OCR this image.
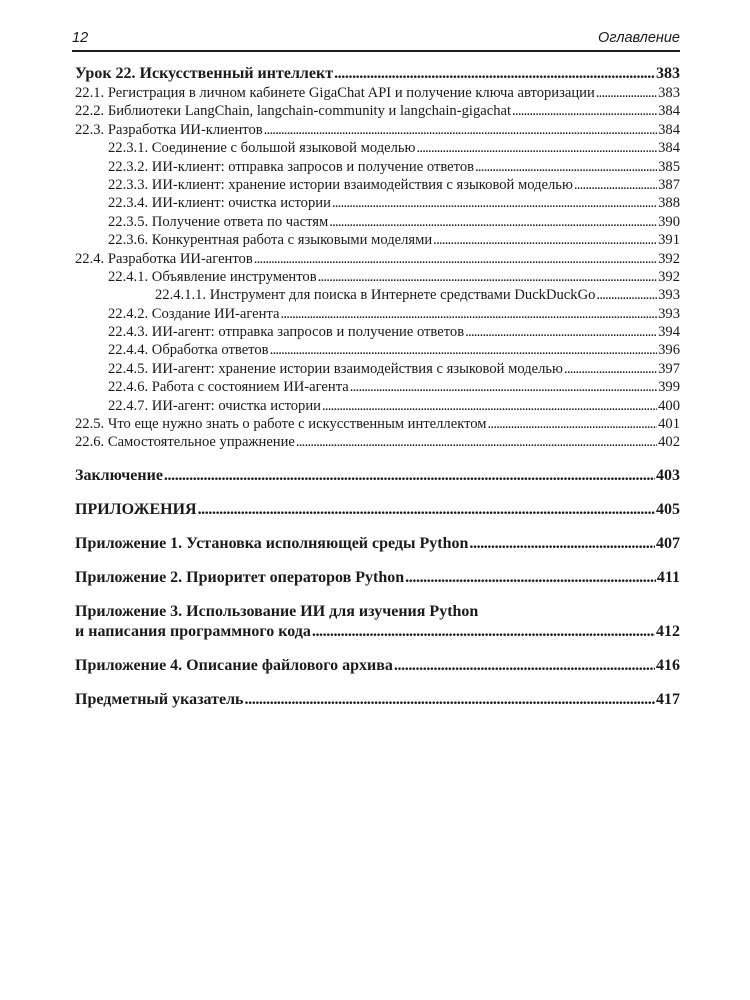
12	Оглавление
Урок 22. Искусственный интеллект . . .	383
22.1. Регистрация в личном кабинете GigaChat API и получение ключа авторизации . . .	383
22.2. Библиотеки LangChain, langchain-community и langchain-gigachat . . .	384
22.3. Разработка ИИ-клиентов . . .	384
22.3.1. Соединение с большой языковой моделью . . .	384
22.3.2. ИИ-клиент: отправка запросов и получение ответов . . .	385
22.3.3. ИИ-клиент: хранение истории взаимодействия с языковой моделью . . .	387
22.3.4. ИИ-клиент: очистка истории . . .	388
22.3.5. Получение ответа по частям . . .	390
22.3.6. Конкурентная работа с языковыми моделями . . .	391
22.4. Разработка ИИ-агентов . . .	392
22.4.1. Объявление инструментов . . .	392
22.4.1.1. Инструмент для поиска в Интернете средствами DuckDuckGo . . .	393
22.4.2. Создание ИИ-агента . . .	393
22.4.3. ИИ-агент: отправка запросов и получение ответов . . .	394
22.4.4. Обработка ответов . . .	396
22.4.5. ИИ-агент: хранение истории взаимодействия с языковой моделью . . .	397
22.4.6. Работа с состоянием ИИ-агента . . .	399
22.4.7. ИИ-агент: очистка истории . . .	400
22.5. Что еще нужно знать о работе с искусственным интеллектом . . .	401
22.6. Самостоятельное упражнение . . .	402
Заключение . . .	403
ПРИЛОЖЕНИЯ . . .	405
Приложение 1. Установка исполняющей среды Python . . .	407
Приложение 2. Приоритет операторов Python . . .	411
Приложение 3. Использование ИИ для изучения Python
и написания программного кода . . .	412
Приложение 4. Описание файлового архива . . .	416
Предметный указатель . . .	417
